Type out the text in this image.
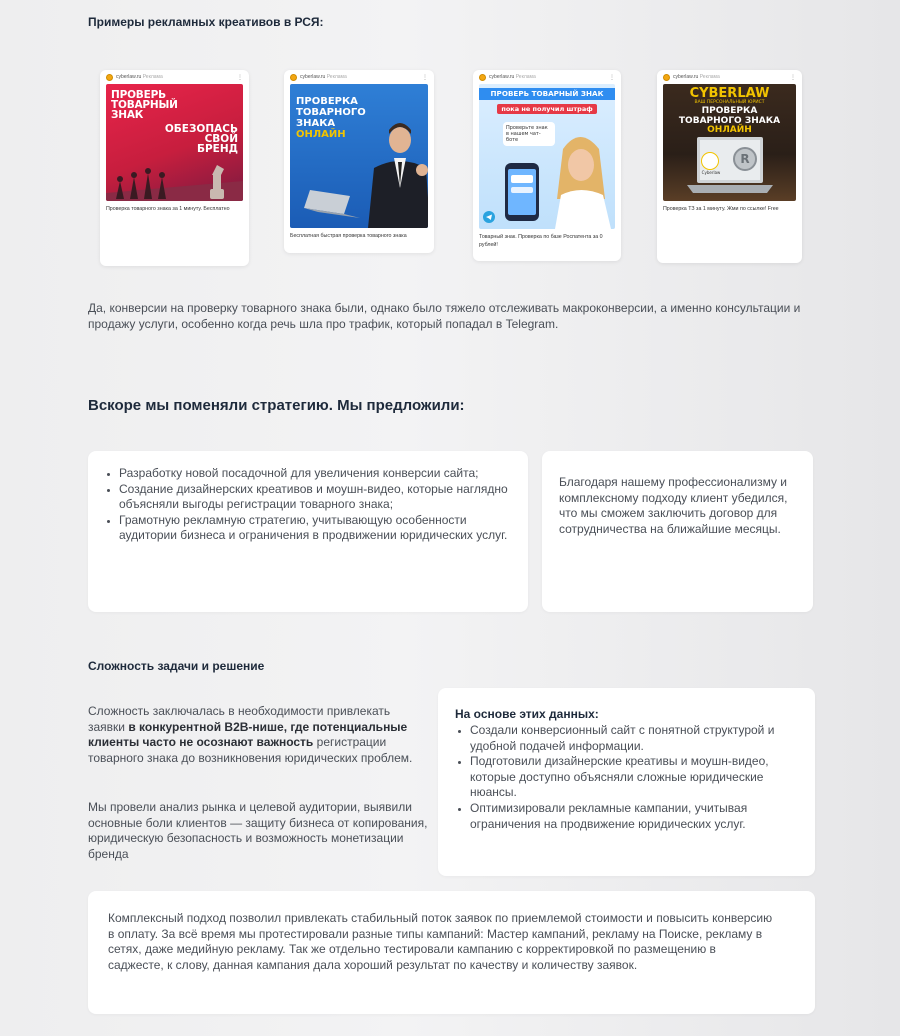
Примеры рекламных креативов в РСЯ:
cyberlaw.ru
Реклама	⋮
ПРОВЕРЬ
ТОВАРНЫЙ
ЗНАК
ОБЕЗОПАСЬ
СВОЙ
БРЕНД
Проверка товарного знака за 1 минуту. Бесплатно
cyberlaw.ru
Реклама	⋮
ПРОВЕРКА
ТОВАРНОГО
ЗНАКА
ОНЛАЙН
Бесплатная быстрая проверка товарного знака
cyberlaw.ru
Реклама	⋮
ПРОВЕРЬ ТОВАРНЫЙ ЗНАК
пока не получил штраф
Проверьте знак в нашем чат-боте
Товарный знак. Проверка по базе Роспатента за 0 рублей!
cyberlaw.ru
Реклама	⋮
CYBERLAW
ВАШ ПЕРСОНАЛЬНЫЙ ЮРИСТ
ПРОВЕРКА
ТОВАРНОГО ЗНАКА
ОНЛАЙН
R
Cyberlaw
Проверка ТЗ за 1 минуту. Жми по ссылке! Free
Да, конверсии на проверку товарного знака были, однако было тяжело отслеживать макроконверсии, а именно консультации и продажу услуги, особенно когда речь шла про трафик, который попадал в Telegram.
Вскоре мы поменяли стратегию. Мы предложили:
• Разработку новой посадочной для увеличения конверсии сайта;
• Создание дизайнерских креативов и моушн-видео, которые наглядно объясняли выгоды регистрации товарного знака;
• Грамотную рекламную стратегию, учитывающую особенности аудитории бизнеса и ограничения в продвижении юридических услуг.
Благодаря нашему профессионализму и комплексному подходу клиент убедился, что мы сможем заключить договор для сотрудничества на ближайшие месяцы.
Сложность задачи и решение
Сложность заключалась в необходимости привлекать заявки в конкурентной B2B-нише, где потенциальные клиенты часто не осознают важность регистрации товарного знака до возникновения юридических проблем.
Мы провели анализ рынка и целевой аудитории, выявили основные боли клиентов — защиту бизнеса от копирования, юридическую безопасность и возможность монетизации бренда
На основе этих данных:
• Создали конверсионный сайт с понятной структурой и удобной подачей информации.
• Подготовили дизайнерские креативы и моушн-видео, которые доступно объясняли сложные юридические нюансы.
• Оптимизировали рекламные кампании, учитывая ограничения на продвижение юридических услуг.
Комплексный подход позволил привлекать стабильный поток заявок по приемлемой стоимости и повысить конверсию в оплату. За всё время мы протестировали разные типы кампаний: Мастер кампаний, рекламу на Поиске, рекламу в сетях, даже медийную рекламу. Так же отдельно тестировали кампанию с корректировкой по размещению в саджесте, к слову, данная кампания дала хороший результат по качеству и количеству заявок.
